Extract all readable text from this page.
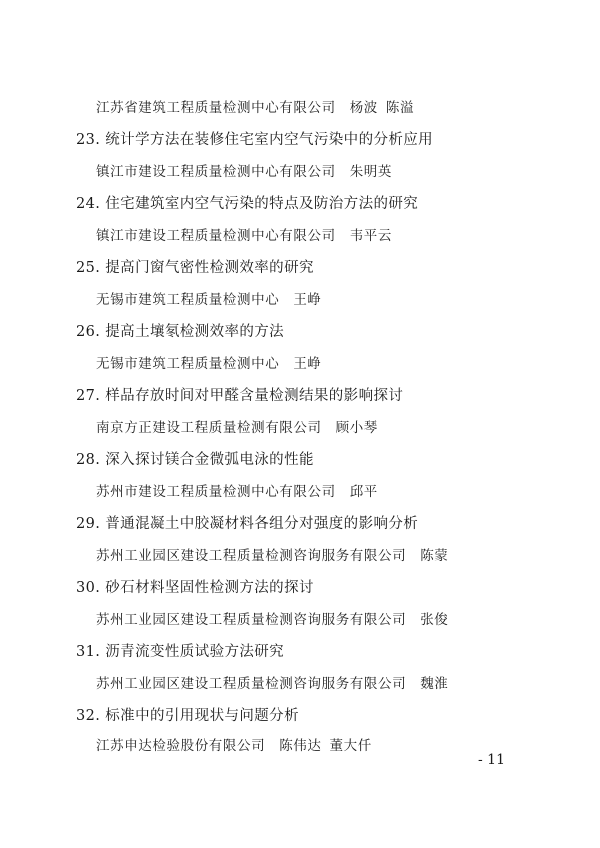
江苏省建筑工程质量检测中心有限公司 杨波 陈溢
23. 统计学方法在装修住宅室内空气污染中的分析应用
镇江市建设工程质量检测中心有限公司 朱明英
24. 住宅建筑室内空气污染的特点及防治方法的研究
镇江市建设工程质量检测中心有限公司 韦平云
25. 提高门窗气密性检测效率的研究
无锡市建筑工程质量检测中心 王峥
26. 提高土壤氡检测效率的方法
无锡市建筑工程质量检测中心 王峥
27. 样品存放时间对甲醛含量检测结果的影响探讨
南京方正建设工程质量检测有限公司 顾小琴
28. 深入探讨镁合金微弧电泳的性能
苏州市建设工程质量检测中心有限公司 邱平
29. 普通混凝土中胶凝材料各组分对强度的影响分析
苏州工业园区建设工程质量检测咨询服务有限公司 陈蒙
30. 砂石材料坚固性检测方法的探讨
苏州工业园区建设工程质量检测咨询服务有限公司 张俊
31. 沥青流变性质试验方法研究
苏州工业园区建设工程质量检测咨询服务有限公司 魏淮
32. 标准中的引用现状与问题分析
江苏申达检验股份有限公司 陈伟达 董大仟
- 11
